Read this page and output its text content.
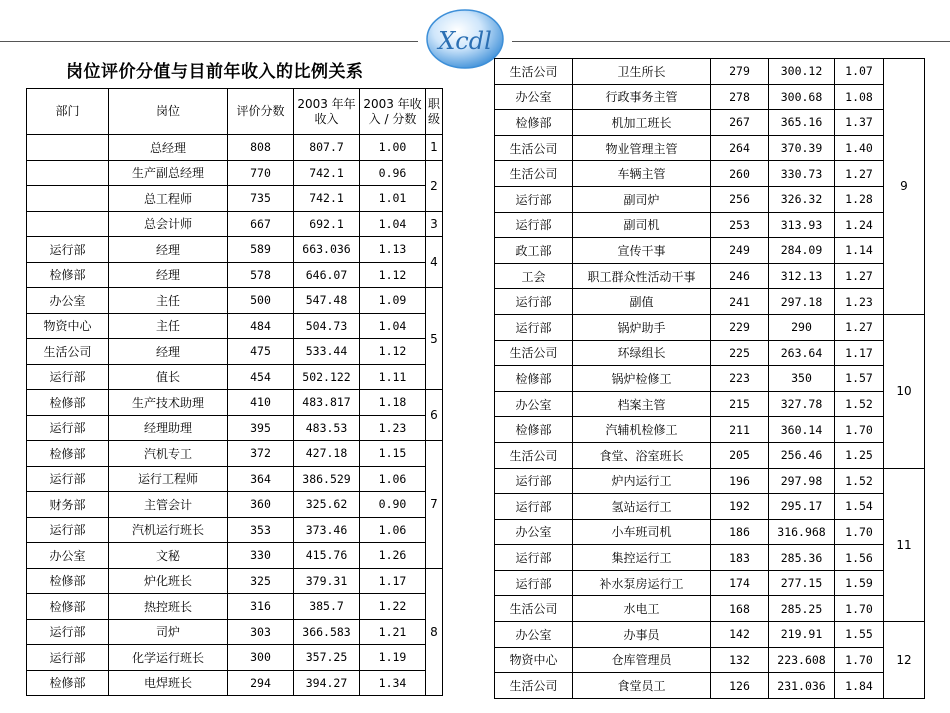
Xcdl
岗位评价分值与目前年收入的比例关系
部门	岗位	评价分数	2003 年年收入	2003 年收入 / 分数	职级
	总经理	808	807.7	1.00	1
	生产副总经理	770	742.1	0.96	2
	总工程师	735	742.1	1.01	
	总会计师	667	692.1	1.04	3
运行部	经理	589	663.036	1.13	4
检修部	经理	578	646.07	1.12	
办公室	主任	500	547.48	1.09	5
物资中心	主任	484	504.73	1.04	
生活公司	经理	475	533.44	1.12	
运行部	值长	454	502.122	1.11	
检修部	生产技术助理	410	483.817	1.18	6
运行部	经理助理	395	483.53	1.23	
检修部	汽机专工	372	427.18	1.15	7
运行部	运行工程师	364	386.529	1.06	
财务部	主管会计	360	325.62	0.90	
运行部	汽机运行班长	353	373.46	1.06	
办公室	文秘	330	415.76	1.26	
检修部	炉化班长	325	379.31	1.17	8
检修部	热控班长	316	385.7	1.22	
运行部	司炉	303	366.583	1.21	
运行部	化学运行班长	300	357.25	1.19	
检修部	电焊班长	294	394.27	1.34	
生活公司	卫生所长	279	300.12	1.07	9
办公室	行政事务主管	278	300.68	1.08	
检修部	机加工班长	267	365.16	1.37	
生活公司	物业管理主管	264	370.39	1.40	
生活公司	车辆主管	260	330.73	1.27	
运行部	副司炉	256	326.32	1.28	
运行部	副司机	253	313.93	1.24	
政工部	宣传干事	249	284.09	1.14	
工会	职工群众性活动干事	246	312.13	1.27	
运行部	副值	241	297.18	1.23	
运行部	锅炉助手	229	290	1.27	10
生活公司	环绿组长	225	263.64	1.17	
检修部	锅炉检修工	223	350	1.57	
办公室	档案主管	215	327.78	1.52	
检修部	汽辅机检修工	211	360.14	1.70	
生活公司	食堂、浴室班长	205	256.46	1.25	
运行部	炉内运行工	196	297.98	1.52	11
运行部	氢站运行工	192	295.17	1.54	
办公室	小车班司机	186	316.968	1.70	
运行部	集控运行工	183	285.36	1.56	
运行部	补水泵房运行工	174	277.15	1.59	
生活公司	水电工	168	285.25	1.70	
办公室	办事员	142	219.91	1.55	12
物资中心	仓库管理员	132	223.608	1.70	
生活公司	食堂员工	126	231.036	1.84	
